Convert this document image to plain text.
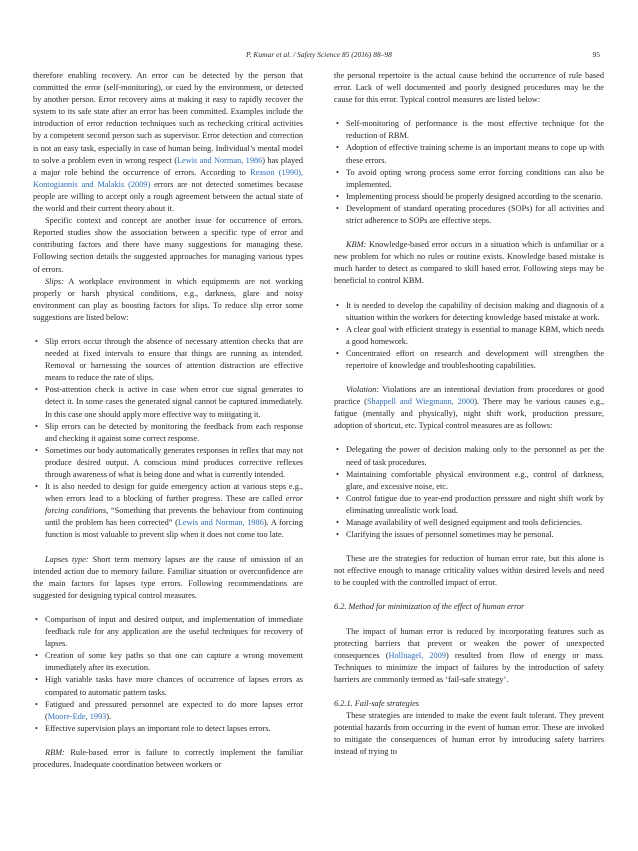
P. Kumar et al. / Safety Science 85 (2016) 88–98	95

therefore enabling recovery. An error can be detected by the person that committed the error (self-monitoring), or cued by the environment, or detected by another person. Error recovery aims at making it easy to rapidly recover the system to its safe state after an error has been committed. Examples include the introduction of error reduction techniques such as rechecking critical activities by a competent second person such as supervisor. Error detection and correction is not an easy task, especially in case of human being. Individual’s mental model to solve a problem even in wrong respect (Lewis and Norman, 1986) has played a major role behind the occurrence of errors. According to Reason (1990), Kontogiannis and Malakis (2009) errors are not detected sometimes because people are willing to accept only a rough agreement between the actual state of the world and their current theory about it.

Specific context and concept are another issue for occurrence of errors. Reported studies show the association between a specific type of error and contributing factors and there have many suggestions for managing these. Following section details the suggested approaches for managing various types of errors.

Slips: A workplace environment in which equipments are not working properly or harsh physical conditions, e.g., darkness, glare and noisy environment can play as boosting factors for slips. To reduce slip error some suggestions are listed below:

• Slip errors occur through the absence of necessary attention checks that are needed at fixed intervals to ensure that things are running as intended. Removal or harnessing the sources of attention distraction are effective means to reduce the rate of slips.
• Post-attention check is active in case when error cue signal generates to detect it. In some cases the generated signal cannot be captured immediately. In this case one should apply more effective way to mitigating it.
• Slip errors can be detected by monitoring the feedback from each response and checking it against some correct response.
• Sometimes our body automatically generates responses in reflex that may not produce desired output. A conscious mind produces corrective reflexes through awareness of what is being done and what is currently intended.
• It is also needed to design for guide emergency action at various steps e.g., when errors lead to a blocking of further progress. These are called error forcing conditions, “Something that prevents the behaviour from continuing until the problem has been corrected” (Lewis and Norman, 1986). A forcing function is most valuable to prevent slip when it does not come too late.

Lapses type: Short term memory lapses are the cause of omission of an intended action due to memory failure. Familiar situation or overconfidence are the main factors for lapses type errors. Following recommendations are suggested for designing typical control measures.

• Comparison of input and desired output, and implementation of immediate feedback rule for any application are the useful techniques for recovery of lapses.
• Creation of some key paths so that one can capture a wrong movement immediately after its execution.
• High variable tasks have more chances of occurrence of lapses errors as compared to automatic pattern tasks.
• Fatigued and pressured personnel are expected to do more lapses error (Moore-Ede, 1993).
• Effective supervision plays an important role to detect lapses errors.

RBM: Rule-based error is failure to correctly implement the familiar procedures. Inadequate coordination between workers or

the personal repertoire is the actual cause behind the occurrence of rule based error. Lack of well documented and poorly designed procedures may be the cause for this error. Typical control measures are listed below:

• Self-monitoring of performance is the most effective technique for the reduction of RBM.
• Adoption of effective training scheme is an important means to cope up with these errors.
• To avoid opting wrong process some error forcing conditions can also be implemented.
• Implementing process should be properly designed according to the scenario.
• Development of standard operating procedures (SOPs) for all activities and strict adherence to SOPs are effective steps.

KBM: Knowledge-based error occurs in a situation which is unfamiliar or a new problem for which no rules or routine exists. Knowledge based mistake is much harder to detect as compared to skill based error. Following steps may be beneficial to control KBM.

• It is needed to develop the capability of decision making and diagnosis of a situation within the workers for detecting knowledge based mistake at work.
• A clear goal with efficient strategy is essential to manage KBM, which needs a good homework.
• Concentrated effort on research and development will strengthen the repertoire of knowledge and troubleshooting capabilities.

Violation: Violations are an intentional deviation from procedures or good practice (Shappell and Wiegmann, 2000). There may be various causes e.g., fatigue (mentally and physically), night shift work, production pressure, adoption of shortcut, etc. Typical control measures are as follows:

• Delegating the power of decision making only to the personnel as per the need of task procedures.
• Maintaining comfortable physical environment e.g., control of darkness, glare, and excessive noise, etc.
• Control fatigue due to year-end production pressure and night shift work by eliminating unrealistic work load.
• Manage availability of well designed equipment and tools deficiencies.
• Clarifying the issues of personnel sometimes may be personal.

These are the strategies for reduction of human error rate, but this alone is not effective enough to manage criticality values within desired levels and need to be coupled with the controlled impact of error.

6.2. Method for minimization of the effect of human error

The impact of human error is reduced by incorporating features such as protecting barriers that prevent or weaken the power of unexpected consequences (Hollnagel, 2009) resulted from flow of energy or mass. Techniques to minimize the impact of failures by the introduction of safety barriers are commonly termed as ‘fail-safe strategy’.

6.2.1. Fail-safe strategies

These strategies are intended to make the event fault tolerant. They prevent potential hazards from occurring in the event of human error. These are invoked to mitigate the consequences of human error by introducing safety barriers instead of trying to
